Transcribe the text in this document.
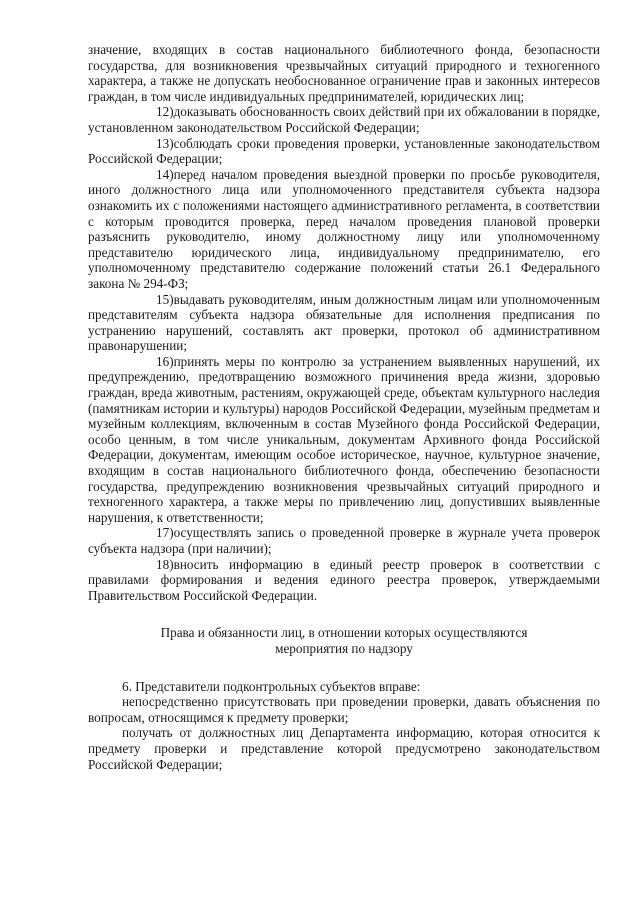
значение, входящих в состав национального библиотечного фонда, безопасности государства, для возникновения чрезвычайных ситуаций природного и техногенного характера, а также не допускать необоснованное ограничение прав и законных интересов граждан, в том числе индивидуальных предпринимателей, юридических лиц;

12)доказывать обоснованность своих действий при их обжаловании в порядке, установленном законодательством Российской Федерации;

13)соблюдать сроки проведения проверки, установленные законодательством Российской Федерации;

14)перед началом проведения выездной проверки по просьбе руководителя, иного должностного лица или уполномоченного представителя субъекта надзора ознакомить их с положениями настоящего административного регламента, в соответствии с которым проводится проверка, перед началом проведения плановой проверки разъяснить руководителю, иному должностному лицу или уполномоченному представителю юридического лица, индивидуальному предпринимателю, его уполномоченному представителю содержание положений статьи 26.1 Федерального закона № 294-ФЗ;

15)выдавать руководителям, иным должностным лицам или уполномоченным представителям субъекта надзора обязательные для исполнения предписания по устранению нарушений, составлять акт проверки, протокол об административном правонарушении;

16)принять меры по контролю за устранением выявленных нарушений, их предупреждению, предотвращению возможного причинения вреда жизни, здоровью граждан, вреда животным, растениям, окружающей среде, объектам культурного наследия (памятникам истории и культуры) народов Российской Федерации, музейным предметам и музейным коллекциям, включенным в состав Музейного фонда Российской Федерации, особо ценным, в том числе уникальным, документам Архивного фонда Российской Федерации, документам, имеющим особое историческое, научное, культурное значение, входящим в состав национального библиотечного фонда, обеспечению безопасности государства, предупреждению возникновения чрезвычайных ситуаций природного и техногенного характера, а также меры по привлечению лиц, допустивших выявленные нарушения, к ответственности;

17)осуществлять запись о проведенной проверке в журнале учета проверок субъекта надзора (при наличии);

18)вносить информацию в единый реестр проверок в соответствии с правилами формирования и ведения единого реестра проверок, утверждаемыми Правительством Российской Федерации.

Права и обязанности лиц, в отношении которых осуществляются мероприятия по надзору

6. Представители подконтрольных субъектов вправе:

непосредственно присутствовать при проведении проверки, давать объяснения по вопросам, относящимся к предмету проверки;

получать от должностных лиц Департамента информацию, которая относится к предмету проверки и представление которой предусмотрено законодательством Российской Федерации;
